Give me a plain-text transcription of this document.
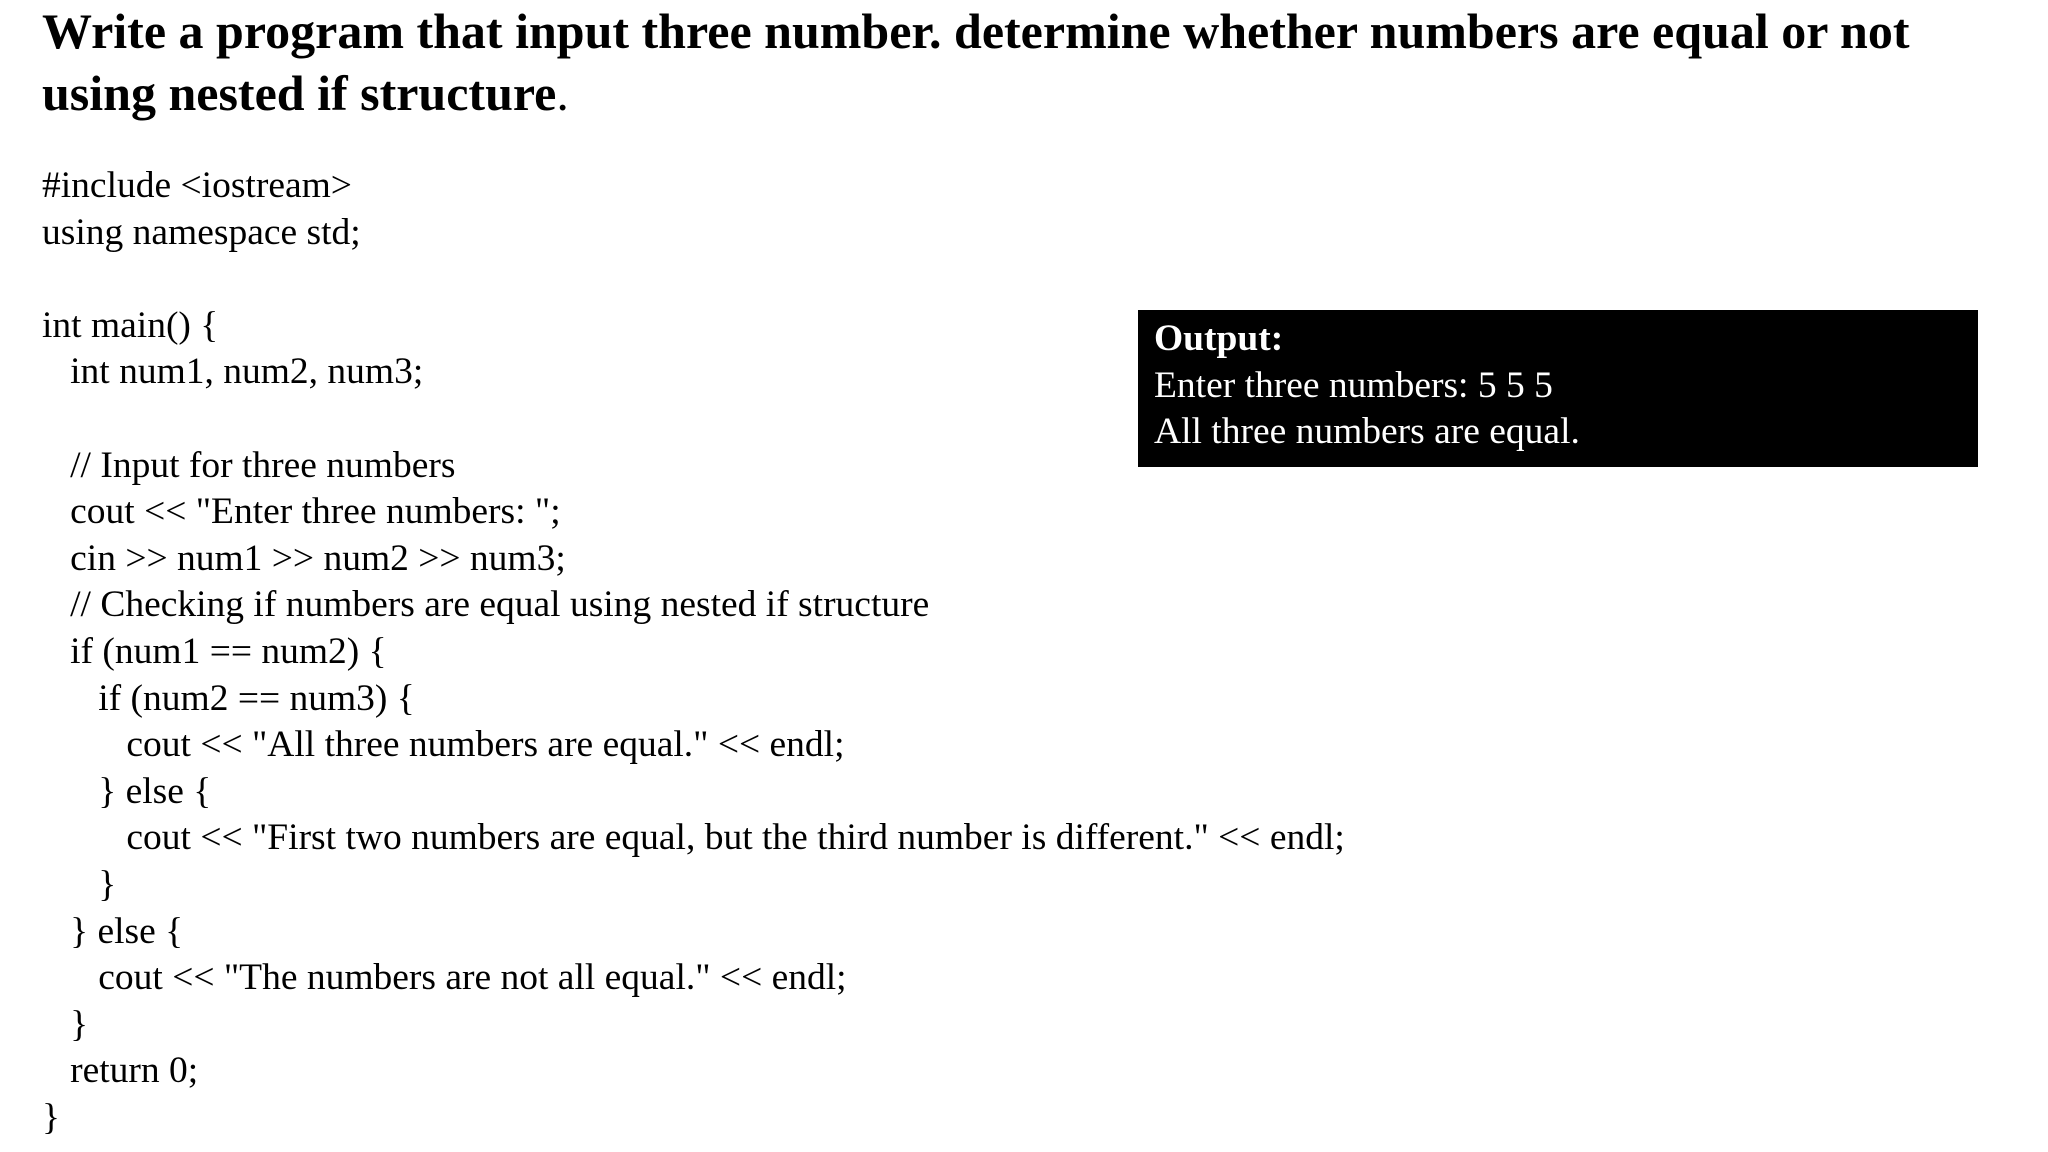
Write a program that input three number. determine whether numbers are equal or not using nested if structure.
#include <iostream>
using namespace std;
int main() {
int num1, num2, num3;
// Input for three numbers
cout << "Enter three numbers: ";
cin >> num1 >> num2 >> num3;
// Checking if numbers are equal using nested if structure
if (num1 == num2) {
if (num2 == num3) {
cout << "All three numbers are equal." << endl;
} else {
cout << "First two numbers are equal, but the third number is different." << endl;
}
} else {
cout << "The numbers are not all equal." << endl;
}
return 0;
}
Output:
Enter three numbers: 5 5 5
All three numbers are equal.
